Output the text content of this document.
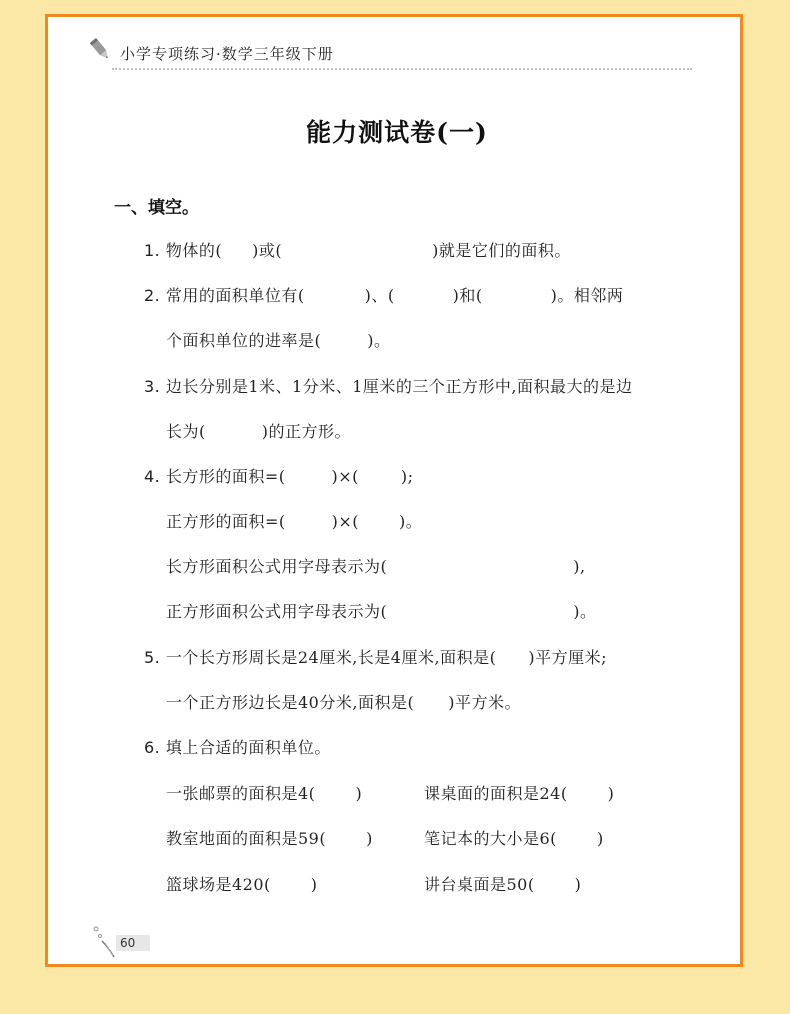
小学专项练习·数学三年级下册
能力测试卷(一)
一、填空。
1. 物体的( )或(	)就是它们的面积。
2. 常用的面积单位有(	)、(	)和(	)。相邻两
个面积单位的进率是(	)。
3. 边长分别是1米、1分米、1厘米的三个正方形中,面积最大的是边
长为(	)的正方形。
4. 长方形的面积=(	)×(	);
正方形的面积=(	)×(	)。
长方形面积公式用字母表示为(	),
正方形面积公式用字母表示为(	)。
5. 一个长方形周长是24厘米,长是4厘米,面积是( )平方厘米;
一个正方形边长是40分米,面积是( )平方米。
6. 填上合适的面积单位。
一张邮票的面积是4(	)	课桌面的面积是24(	)
教室地面的面积是59(	)	笔记本的大小是6(	)
篮球场是420(	)	讲台桌面是50(	)
60
